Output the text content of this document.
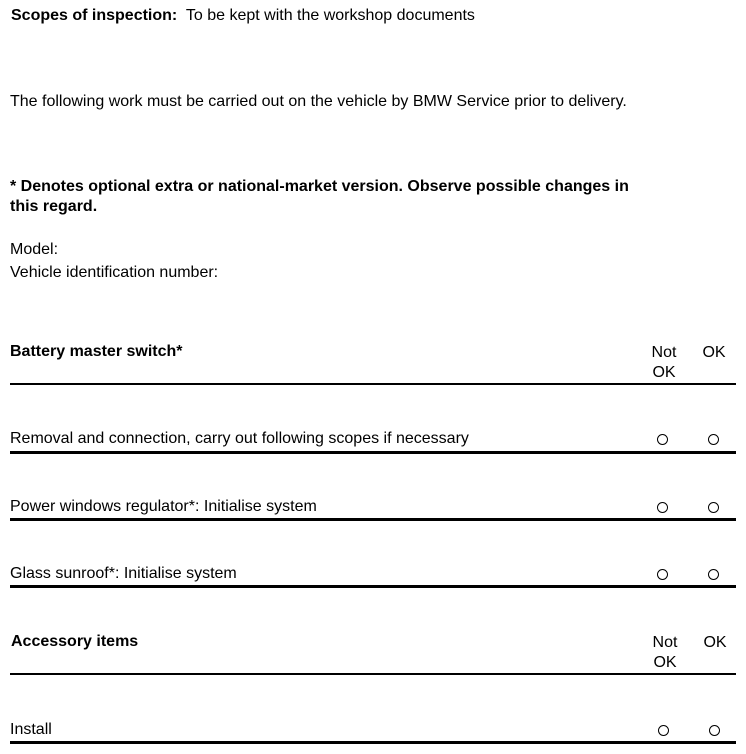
Scopes of inspection: To be kept with the workshop documents
The following work must be carried out on the vehicle by BMW Service prior to delivery.
* Denotes optional extra or national-market version. Observe possible changes in
this regard.
Model:
Vehicle identification number:
Battery master switch*	Not
OK
OK
Removal and connection, carry out following scopes if necessary
Power windows regulator*: Initialise system
Glass sunroof*: Initialise system
Accessory items	Not
OK
OK
Install
